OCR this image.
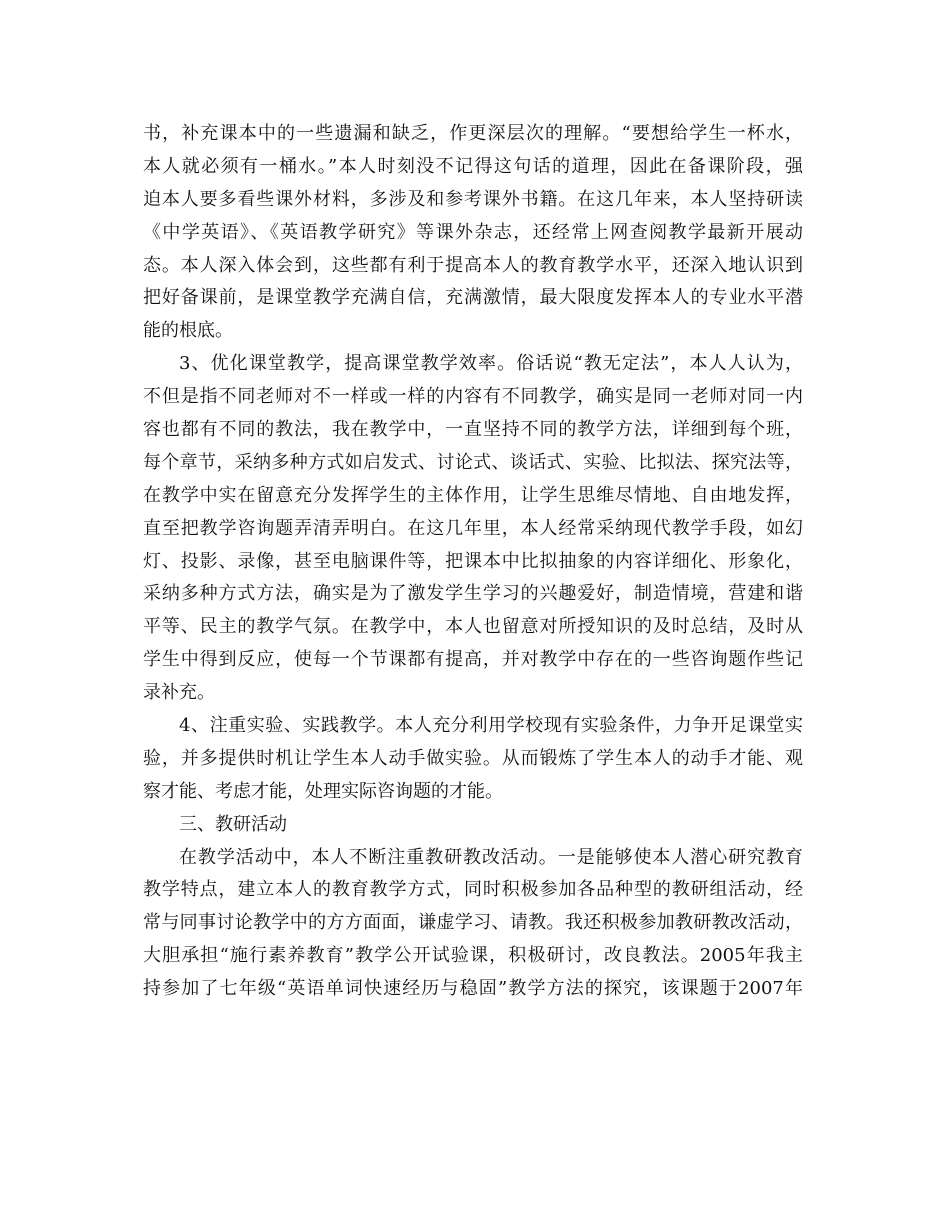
书，补充课本中的一些遗漏和缺乏，作更深层次的理解。“要想给学生一杯水，
本人就必须有一桶水。”本人时刻没不记得这句话的道理，因此在备课阶段，强
迫本人要多看些课外材料，多涉及和参考课外书籍。在这几年来，本人坚持研读
《中学英语》、《英语教学研究》等课外杂志，还经常上网查阅教学最新开展动
态。本人深入体会到，这些都有利于提高本人的教育教学水平，还深入地认识到
把好备课前，是课堂教学充满自信，充满激情，最大限度发挥本人的专业水平潜
能的根底。
3、优化课堂教学，提高课堂教学效率。俗话说“教无定法”，本人人认为，
不但是指不同老师对不一样或一样的内容有不同教学，确实是同一老师对同一内
容也都有不同的教法，我在教学中，一直坚持不同的教学方法，详细到每个班，
每个章节，采纳多种方式如启发式、讨论式、谈话式、实验、比拟法、探究法等，
在教学中实在留意充分发挥学生的主体作用，让学生思维尽情地、自由地发挥，
直至把教学咨询题弄清弄明白。在这几年里，本人经常采纳现代教学手段，如幻
灯、投影、录像，甚至电脑课件等，把课本中比拟抽象的内容详细化、形象化，
采纳多种方式方法，确实是为了激发学生学习的兴趣爱好，制造情境，营建和谐
平等、民主的教学气氛。在教学中，本人也留意对所授知识的及时总结，及时从
学生中得到反应，使每一个节课都有提高，并对教学中存在的一些咨询题作些记
录补充。
4、注重实验、实践教学。本人充分利用学校现有实验条件，力争开足课堂实
验，并多提供时机让学生本人动手做实验。从而锻炼了学生本人的动手才能、观
察才能、考虑才能，处理实际咨询题的才能。
三、教研活动
在教学活动中，本人不断注重教研教改活动。一是能够使本人潜心研究教育
教学特点，建立本人的教育教学方式，同时积极参加各品种型的教研组活动，经
常与同事讨论教学中的方方面面，谦虚学习、请教。我还积极参加教研教改活动，
大胆承担“施行素养教育”教学公开试验课，积极研讨，改良教法。2005年我主
持参加了七年级“英语单词快速经历与稳固”教学方法的探究，该课题于2007年
